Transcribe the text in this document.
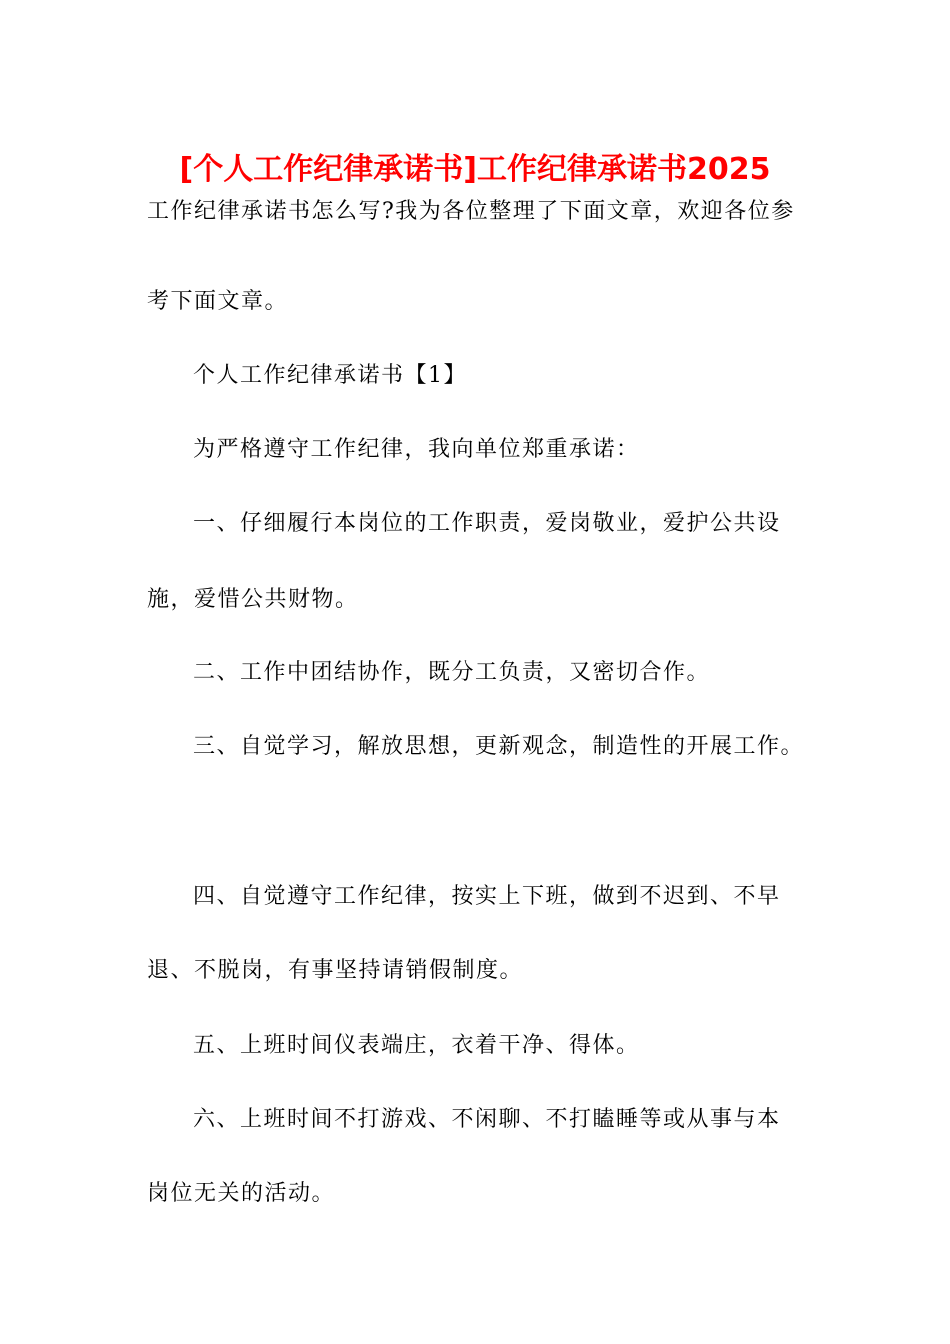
[个人工作纪律承诺书]工作纪律承诺书2025
工作纪律承诺书怎么写?我为各位整理了下面文章，欢迎各位参
考下面文章。
个人工作纪律承诺书【1】
为严格遵守工作纪律，我向单位郑重承诺：
一、仔细履行本岗位的工作职责，爱岗敬业，爱护公共设
施，爱惜公共财物。
二、工作中团结协作，既分工负责，又密切合作。
三、自觉学习，解放思想，更新观念，制造性的开展工作。
四、自觉遵守工作纪律，按实上下班，做到不迟到、不早
退、不脱岗，有事坚持请销假制度。
五、上班时间仪表端庄，衣着干净、得体。
六、上班时间不打游戏、不闲聊、不打瞌睡等或从事与本
岗位无关的活动。
